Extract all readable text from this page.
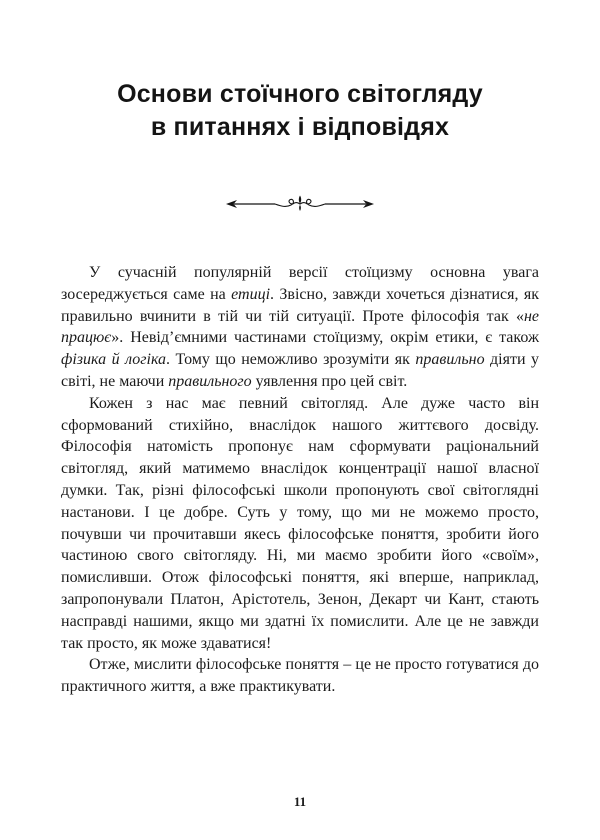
Основи стоїчного світогляду
в питаннях і відповідях

У сучасній популярній версії стоїцизму основна увага зосереджується саме на етиці. Звісно, завжди хочеться дізнатися, як правильно вчинити в тій чи тій ситуації. Проте філософія так «не працює». Невід’ємними частинами стоїцизму, окрім етики, є також фізика й логіка. Тому що неможливо зрозуміти як правильно діяти у світі, не маючи правильного уявлення про цей світ.

Кожен з нас має певний світогляд. Але дуже часто він сформований стихійно, внаслідок нашого життєвого досвіду. Філософія натомість пропонує нам сформувати раціональний світогляд, який матимемо внаслідок концентрації нашої власної думки. Так, різні філософські школи пропонують свої світоглядні настанови. І це добре. Суть у тому, що ми не можемо просто, почувши чи прочитавши якесь філософське поняття, зробити його частиною свого світогляду. Ні, ми маємо зробити його «своїм», помисливши. Отож філософські поняття, які вперше, наприклад, запропонували Платон, Арістотель, Зенон, Декарт чи Кант, стають насправді нашими, якщо ми здатні їх помислити. Але це не завжди так просто, як може здаватися!

Отже, мислити філософське поняття – це не просто готуватися до практичного життя, а вже практикувати.

11
